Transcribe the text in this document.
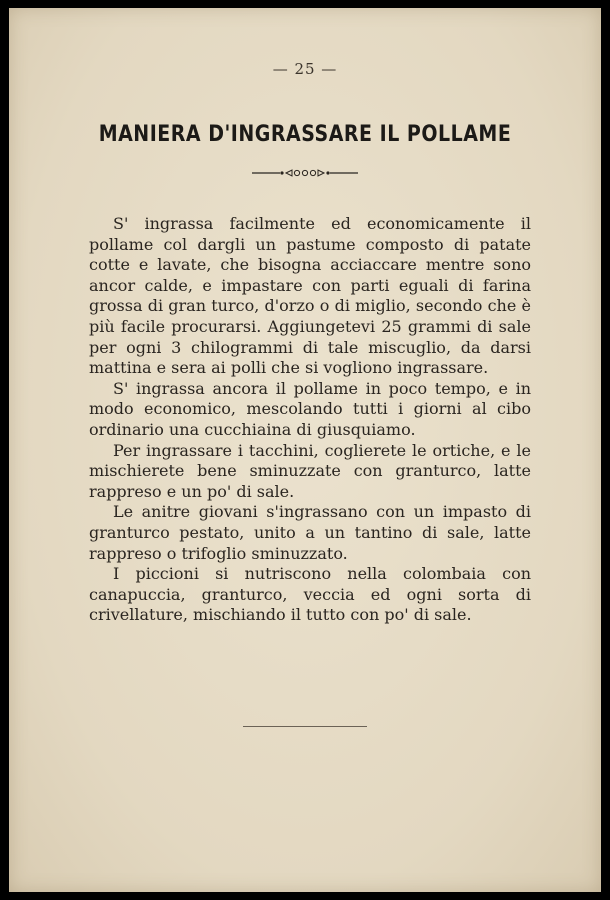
— 25 —
MANIERA D'INGRASSARE IL POLLAME

S' ingrassa facilmente ed economicamente il pollame col dargli un pastume composto di patate cotte e lavate, che bisogna acciaccare mentre sono ancor calde, e impastare con parti eguali di farina grossa di gran turco, d'orzo o di miglio, secondo che è più facile procurarsi. Aggiungetevi 25 grammi di sale per ogni 3 chilogrammi di tale miscuglio, da darsi mattina e sera ai polli che si vogliono ingrassare.

S' ingrassa ancora il pollame in poco tempo, e in modo economico, mescolando tutti i giorni al cibo ordinario una cucchiaina di giusquiamo.

Per ingrassare i tacchini, coglierete le ortiche, e le mischierete bene sminuzzate con granturco, latte rappreso e un po' di sale.

Le anitre giovani s'ingrassano con un impasto di granturco pestato, unito a un tantino di sale, latte rappreso o trifoglio sminuzzato.

I piccioni si nutriscono nella colombaia con canapuccia, granturco, veccia ed ogni sorta di crivellature, mischiando il tutto con po' di sale.
